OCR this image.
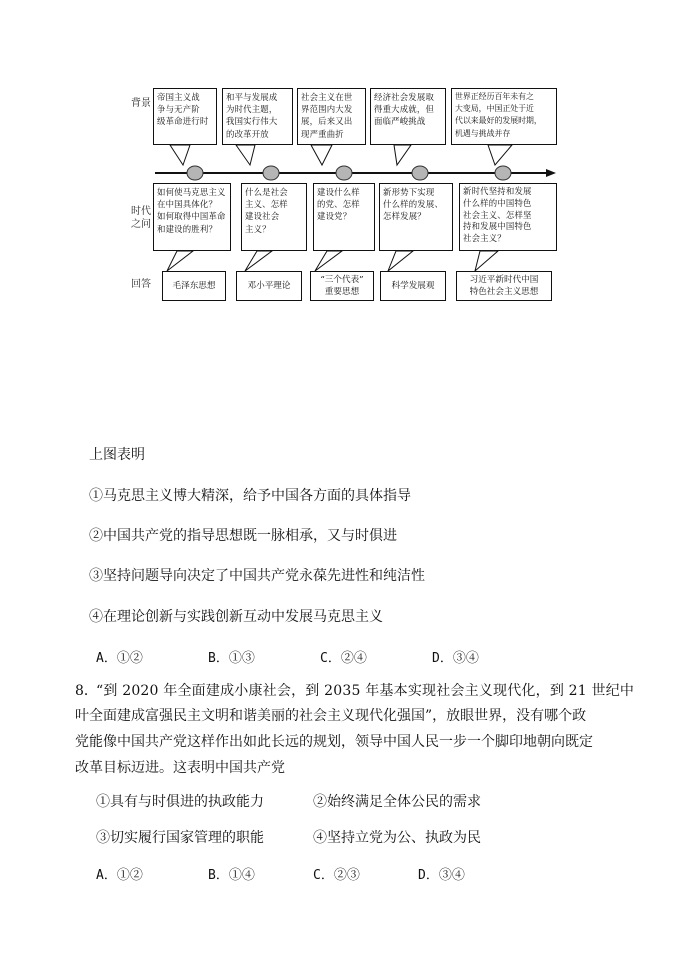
背景
时代
之问
回答
帝国主义战
争与无产阶
级革命进行时
和平与发展成
为时代主题，
我国实行伟大
的改革开放
社会主义在世
界范围内大发
展，后来又出
现严重曲折
经济社会发展取
得重大成就，但
面临严峻挑战
世界正经历百年未有之
大变局，中国正处于近
代以来最好的发展时期，
机遇与挑战并存
如何使马克思主义
在中国具体化？
如何取得中国革命
和建设的胜利？
什么是社会
主义、怎样
建设社会
主义？
建设什么样
的党、怎样
建设党？
新形势下实现
什么样的发展、
怎样发展？
新时代坚持和发展
什么样的中国特色
社会主义、怎样坚
持和发展中国特色
社会主义？
毛泽东思想	邓小平理论
“三个代表”
重要思想
科学发展观
习近平新时代中国
特色社会主义思想
上图表明
①马克思主义博大精深，给予中国各方面的具体指导
②中国共产党的指导思想既一脉相承，又与时俱进
③坚持问题导向决定了中国共产党永葆先进性和纯洁性
④在理论创新与实践创新互动中发展马克思主义
A．①②	B．①③	C．②④	D．③④
8．
“到 2020 年全面建成小康社会，到 2035 年基本实现社会主义现代化，到 21 世纪中
叶全面建成富强民主文明和谐美丽的社会主义现代化强国”，放眼世界，没有哪个政
党能像中国共产党这样作出如此长远的规划，领导中国人民一步一个脚印地朝向既定
改革目标迈进。这表明中国共产党
①具有与时俱进的执政能力	②始终满足全体公民的需求
③切实履行国家管理的职能	④坚持立党为公、执政为民
A．①②	B．①④	C．②③	D．③④
